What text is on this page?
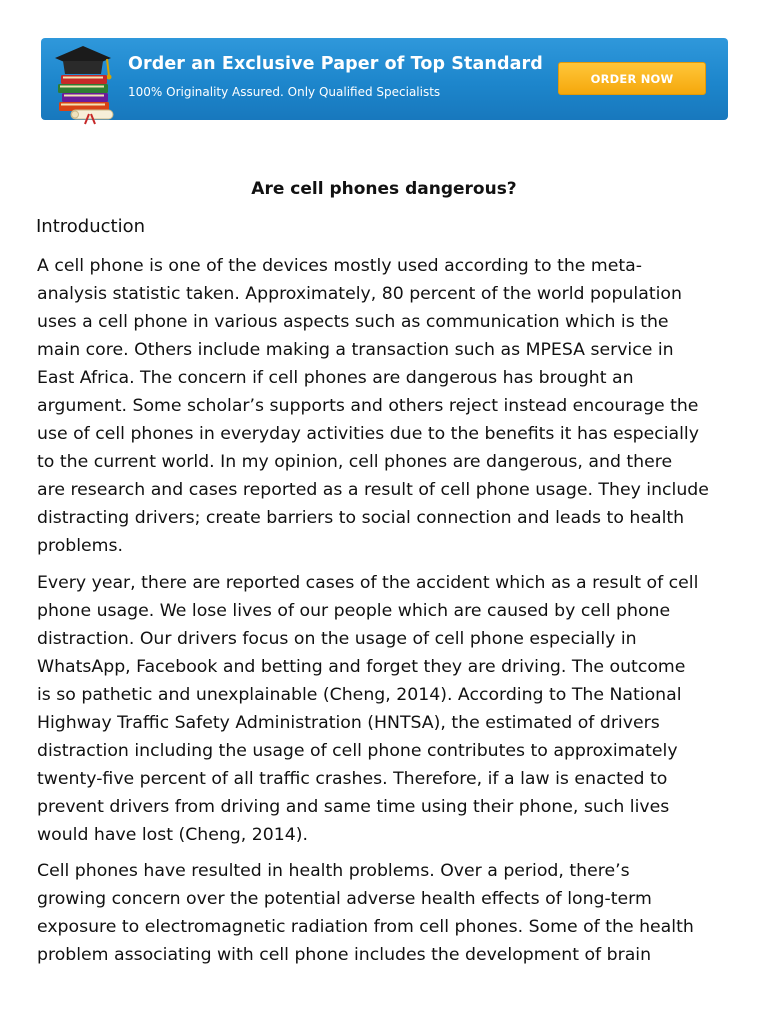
Order an Exclusive Paper of Top Standard
100% Originality Assured. Only Qualified Specialists
ORDER NOW
Are cell phones dangerous?
Introduction
A cell phone is one of the devices mostly used according to the meta-
analysis statistic taken. Approximately, 80 percent of the world population
uses a cell phone in various aspects such as communication which is the
main core. Others include making a transaction such as MPESA service in
East Africa. The concern if cell phones are dangerous has brought an
argument. Some scholar’s supports and others reject instead encourage the
use of cell phones in everyday activities due to the benefits it has especially
to the current world. In my opinion, cell phones are dangerous, and there
are research and cases reported as a result of cell phone usage. They include
distracting drivers; create barriers to social connection and leads to health
problems.
Every year, there are reported cases of the accident which as a result of cell
phone usage. We lose lives of our people which are caused by cell phone
distraction. Our drivers focus on the usage of cell phone especially in
WhatsApp, Facebook and betting and forget they are driving. The outcome
is so pathetic and unexplainable (Cheng, 2014). According to The National
Highway Traffic Safety Administration (HNTSA), the estimated of drivers
distraction including the usage of cell phone contributes to approximately
twenty-five percent of all traffic crashes. Therefore, if a law is enacted to
prevent drivers from driving and same time using their phone, such lives
would have lost (Cheng, 2014).
Cell phones have resulted in health problems. Over a period, there’s
growing concern over the potential adverse health effects of long-term
exposure to electromagnetic radiation from cell phones. Some of the health
problem associating with cell phone includes the development of brain
